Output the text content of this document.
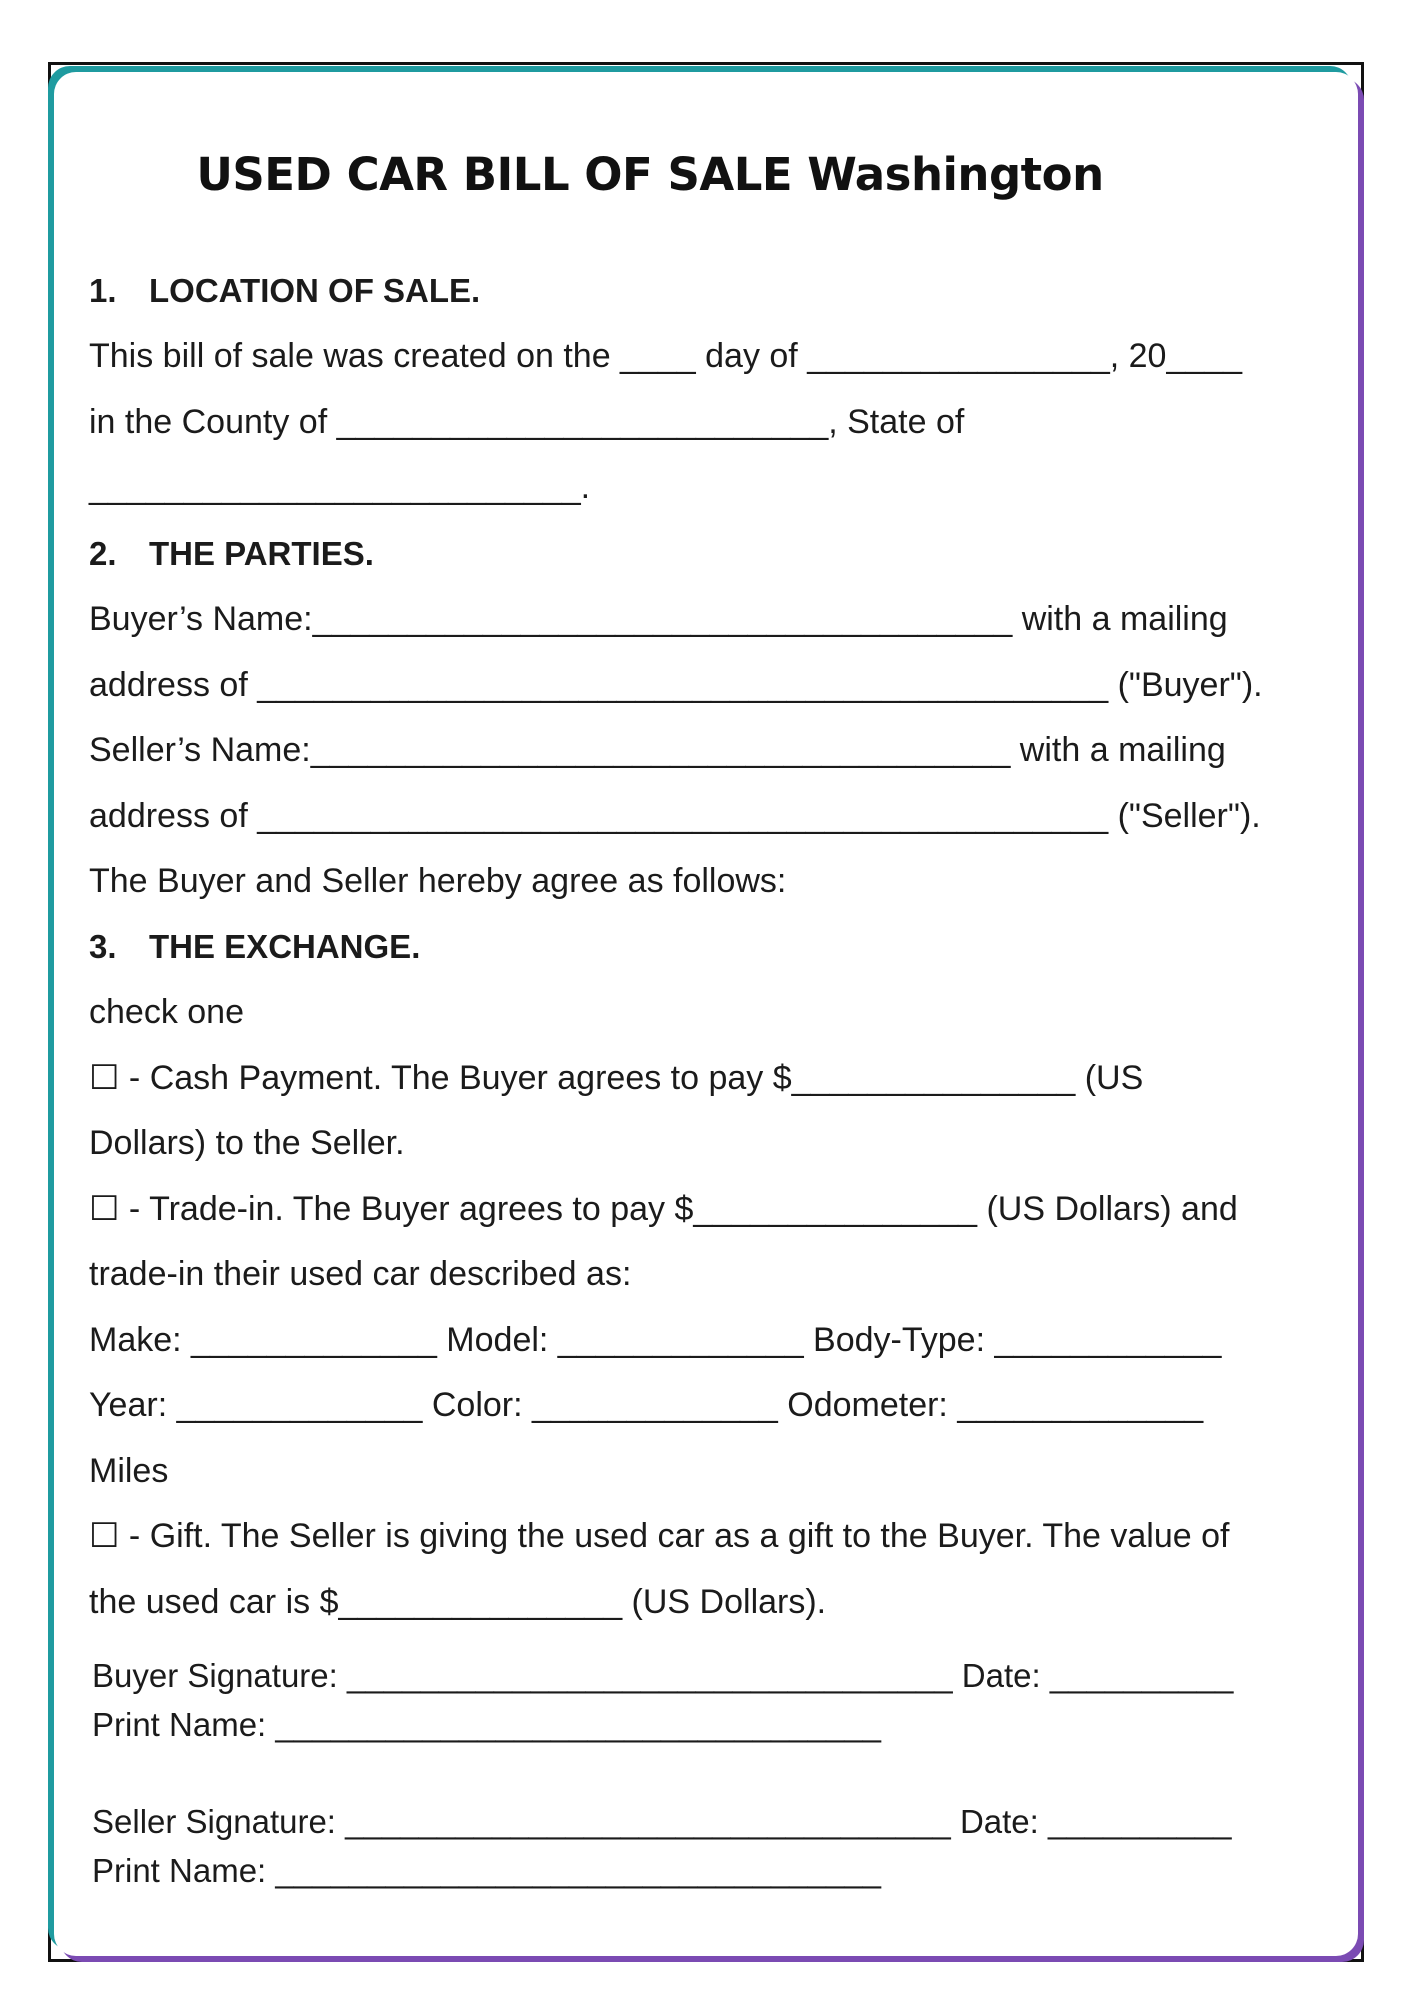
USED CAR BILL OF SALE Washington
1. LOCATION OF SALE.
This bill of sale was created on the ____ day of ________________, 20____
in the County of __________________________, State of
__________________________.
2. THE PARTIES.
Buyer’s Name:_____________________________________ with a mailing
address of _____________________________________________ ("Buyer").
Seller’s Name:_____________________________________ with a mailing
address of _____________________________________________ ("Seller").
The Buyer and Seller hereby agree as follows:
3. THE EXCHANGE.
check one
☐ - Cash Payment. The Buyer agrees to pay $_______________ (US
Dollars) to the Seller.
☐ - Trade-in. The Buyer agrees to pay $_______________ (US Dollars) and
trade-in their used car described as:
Make: _____________ Model: _____________ Body-Type: ____________
Year: _____________ Color: _____________ Odometer: _____________
Miles
☐ - Gift. The Seller is giving the used car as a gift to the Buyer. The value of
the used car is $_______________ (US Dollars).
Buyer Signature: _________________________________ Date: __________
Print Name: _________________________________
Seller Signature: _________________________________ Date: __________
Print Name: _________________________________
